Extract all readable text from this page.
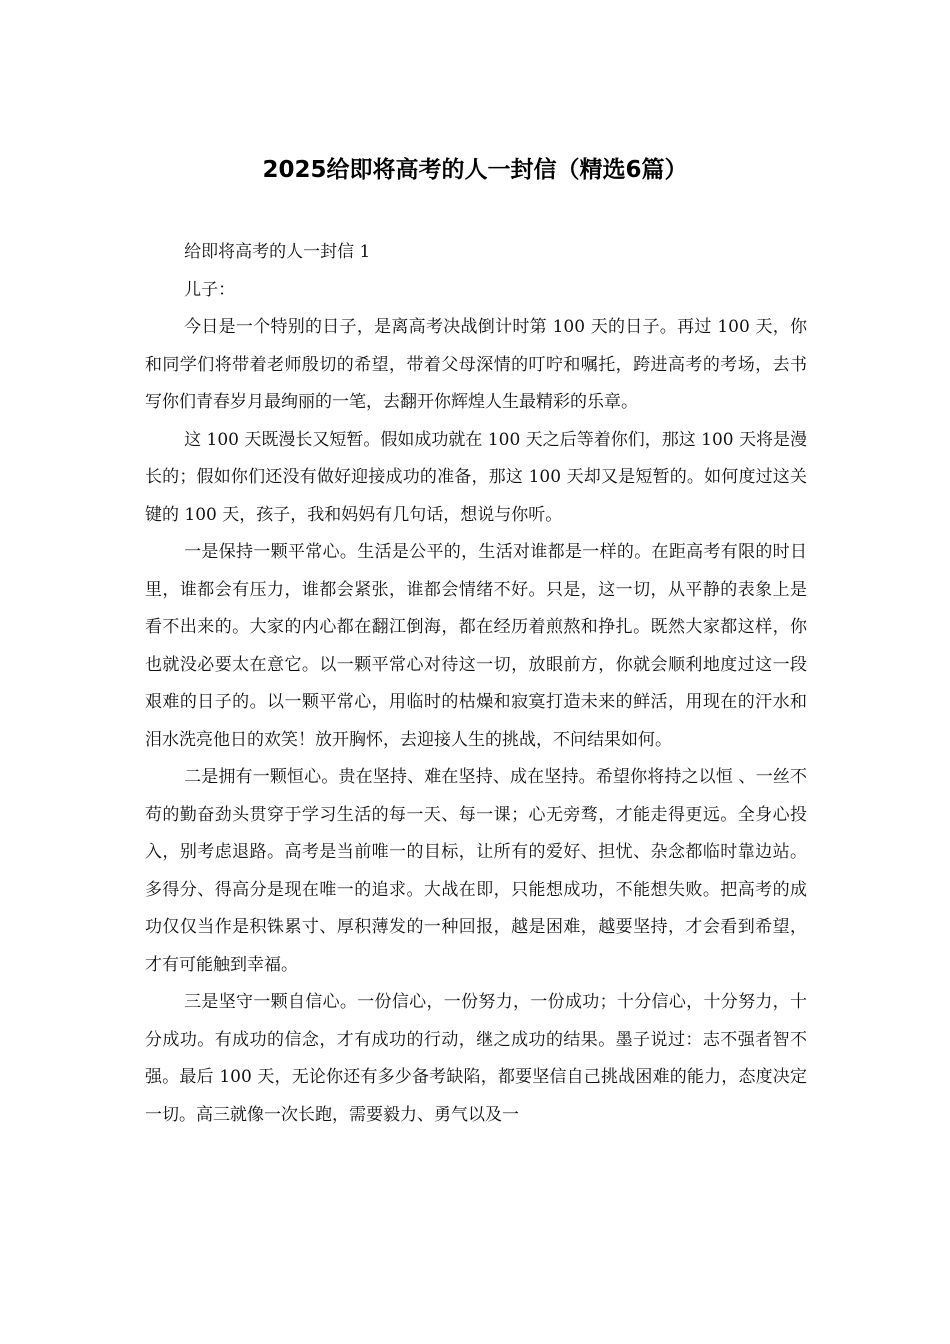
2025给即将高考的人一封信（精选6篇）

给即将高考的人一封信 1

儿子：

今日是一个特别的日子，是离高考决战倒计时第 100 天的日子。再过 100 天，你和同学们将带着老师殷切的希望，带着父母深情的叮咛和嘱托，跨进高考的考场，去书写你们青春岁月最绚丽的一笔，去翻开你辉煌人生最精彩的乐章。

这 100 天既漫长又短暂。假如成功就在 100 天之后等着你们，那这 100 天将是漫长的；假如你们还没有做好迎接成功的准备，那这 100 天却又是短暂的。如何度过这关键的 100 天，孩子，我和妈妈有几句话，想说与你听。

一是保持一颗平常心。生活是公平的，生活对谁都是一样的。在距高考有限的时日里，谁都会有压力，谁都会紧张，谁都会情绪不好。只是，这一切，从平静的表象上是看不出来的。大家的内心都在翻江倒海，都在经历着煎熬和挣扎。既然大家都这样，你也就没必要太在意它。以一颗平常心对待这一切，放眼前方，你就会顺利地度过这一段艰难的日子的。以一颗平常心，用临时的枯燥和寂寞打造未来的鲜活，用现在的汗水和泪水洗亮他日的欢笑！放开胸怀，去迎接人生的挑战，不问结果如何。

二是拥有一颗恒心。贵在坚持、难在坚持、成在坚持。希望你将持之以恒 、一丝不苟的勤奋劲头贯穿于学习生活的每一天、每一课；心无旁骛，才能走得更远。全身心投入，别考虑退路。高考是当前唯一的目标，让所有的爱好、担忧、杂念都临时靠边站。多得分、得高分是现在唯一的追求。大战在即，只能想成功，不能想失败。把高考的成功仅仅当作是积铢累寸、厚积薄发的一种回报，越是困难，越要坚持，才会看到希望，才有可能触到幸福。

三是坚守一颗自信心。一份信心，一份努力，一份成功；十分信心，十分努力，十分成功。有成功的信念，才有成功的行动，继之成功的结果。墨子说过：志不强者智不强。最后 100 天，无论你还有多少备考缺陷，都要坚信自己挑战困难的能力，态度决定一切。高三就像一次长跑，需要毅力、勇气以及一
